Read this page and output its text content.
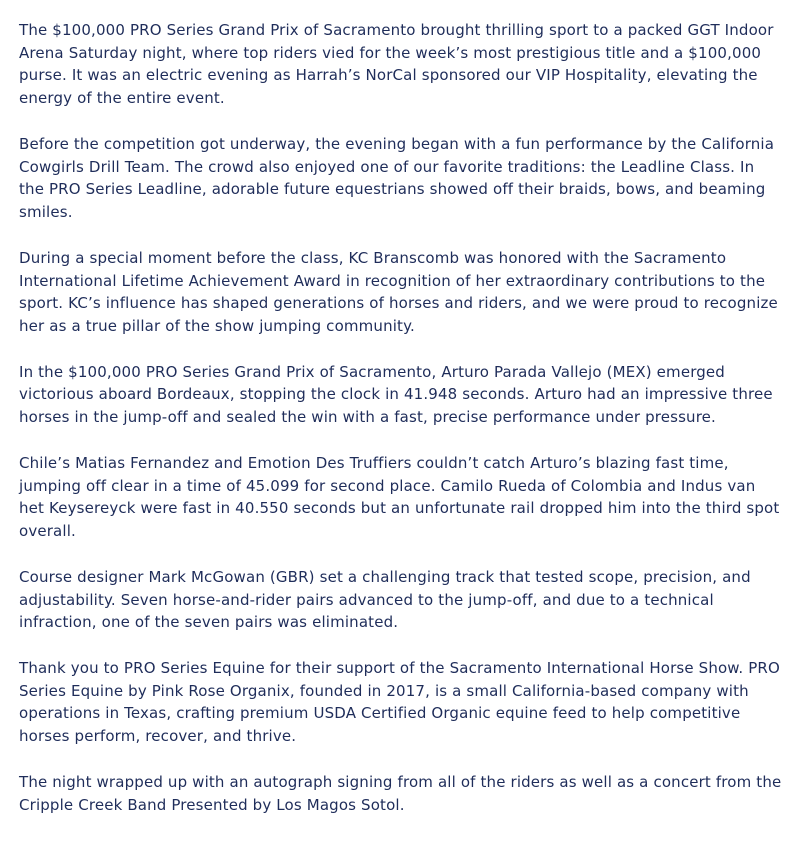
The $100,000 PRO Series Grand Prix of Sacramento brought thrilling sport to a packed GGT Indoor Arena Saturday night, where top riders vied for the week’s most prestigious title and a $100,000 purse. It was an electric evening as Harrah’s NorCal sponsored our VIP Hospitality, elevating the energy of the entire event.

Before the competition got underway, the evening began with a fun performance by the California Cowgirls Drill Team. The crowd also enjoyed one of our favorite traditions: the Leadline Class. In the PRO Series Leadline, adorable future equestrians showed off their braids, bows, and beaming smiles.

During a special moment before the class, KC Branscomb was honored with the Sacramento International Lifetime Achievement Award in recognition of her extraordinary contributions to the sport. KC’s influence has shaped generations of horses and riders, and we were proud to recognize her as a true pillar of the show jumping community.

In the $100,000 PRO Series Grand Prix of Sacramento, Arturo Parada Vallejo (MEX) emerged victorious aboard Bordeaux, stopping the clock in 41.948 seconds. Arturo had an impressive three horses in the jump-off and sealed the win with a fast, precise performance under pressure.

Chile’s Matias Fernandez and Emotion Des Truffiers couldn’t catch Arturo’s blazing fast time, jumping off clear in a time of 45.099 for second place. Camilo Rueda of Colombia and Indus van het Keysereyck were fast in 40.550 seconds but an unfortunate rail dropped him into the third spot overall.

Course designer Mark McGowan (GBR) set a challenging track that tested scope, precision, and adjustability. Seven horse-and-rider pairs advanced to the jump-off, and due to a technical infraction, one of the seven pairs was eliminated.

Thank you to PRO Series Equine for their support of the Sacramento International Horse Show. PRO Series Equine by Pink Rose Organix, founded in 2017, is a small California-based company with operations in Texas, crafting premium USDA Certified Organic equine feed to help competitive horses perform, recover, and thrive.

The night wrapped up with an autograph signing from all of the riders as well as a concert from the Cripple Creek Band Presented by Los Magos Sotol.
